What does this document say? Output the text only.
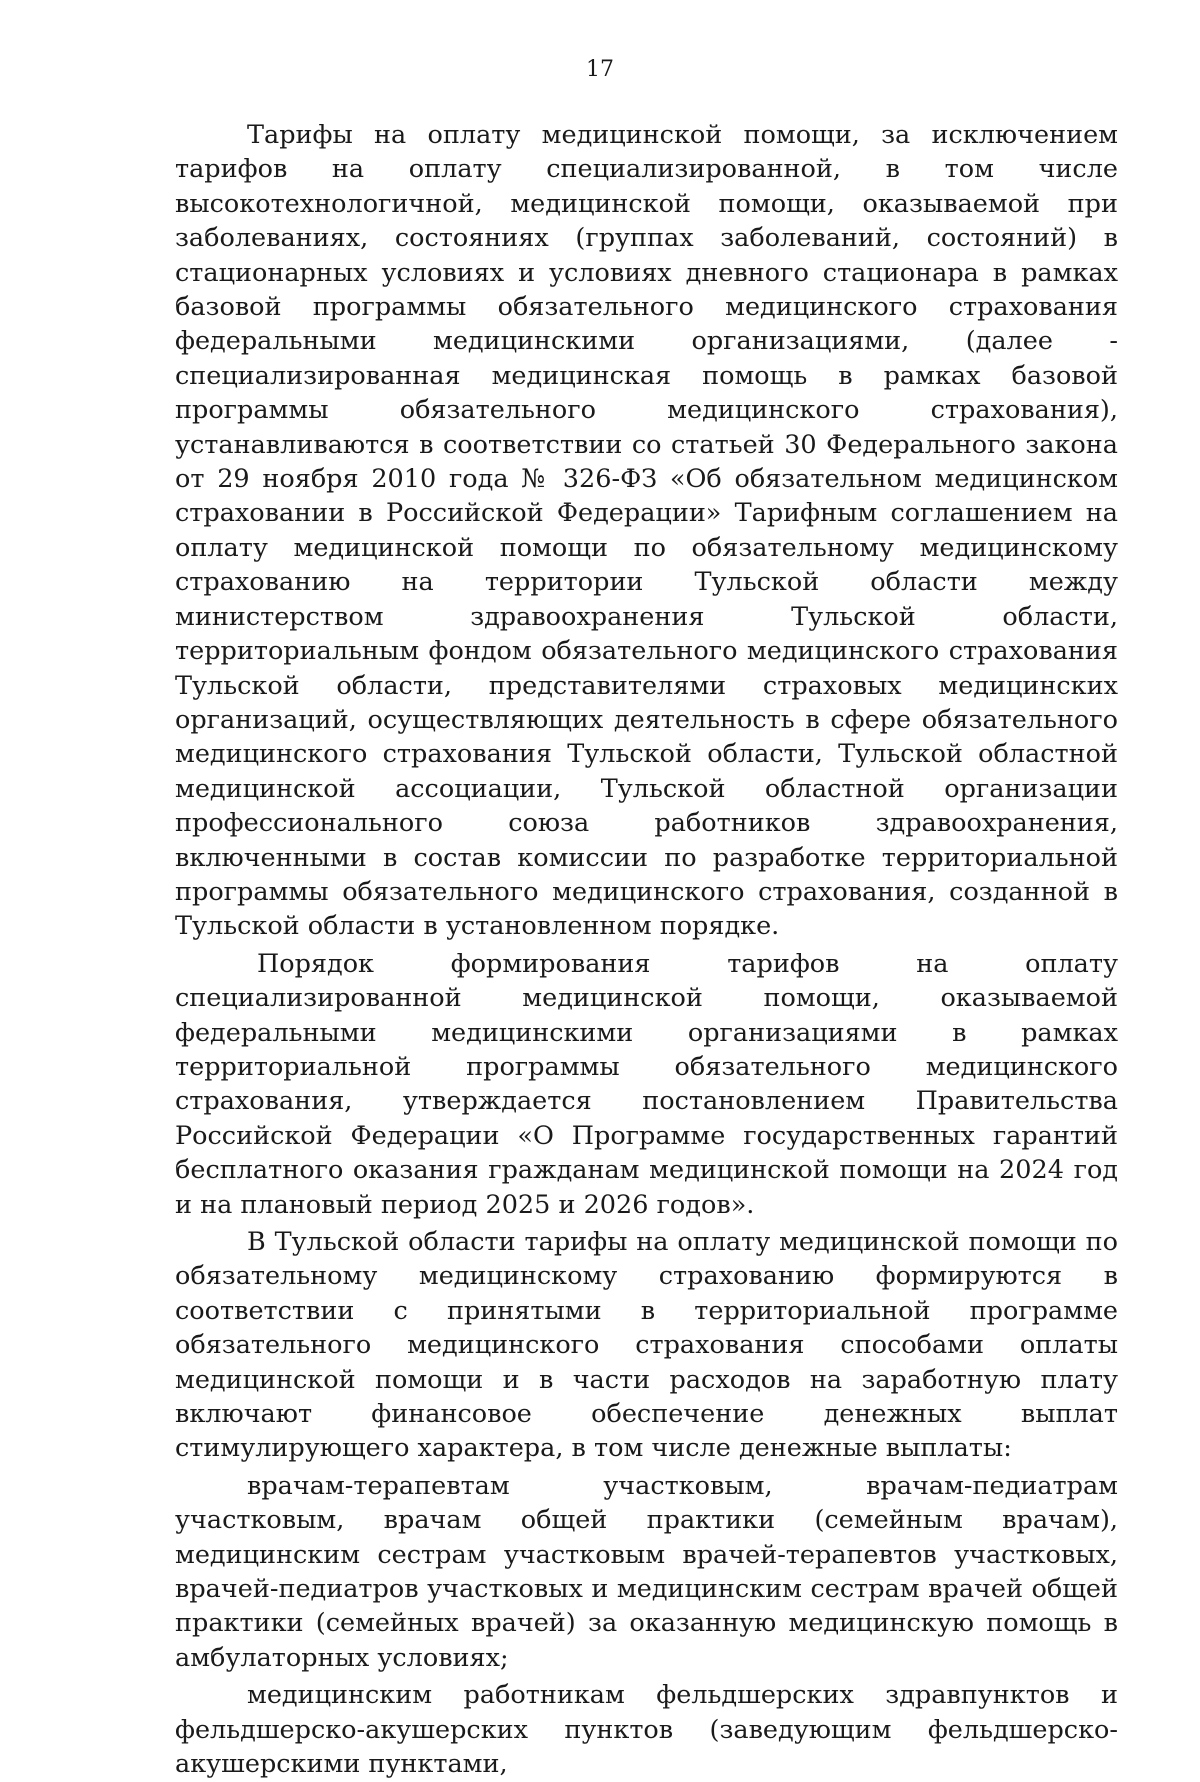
17

Тарифы на оплату медицинской помощи, за исключением тарифов на оплату специализированной, в том числе высокотехнологичной, медицинской помощи, оказываемой при заболеваниях, состояниях (группах заболеваний, состояний) в стационарных условиях и условиях дневного стационара в рамках базовой программы обязательного медицинского страхования федеральными медицинскими организациями, (далее - специализированная медицинская помощь в рамках базовой программы обязательного медицинского страхования), устанавливаются в соответствии со статьей 30 Федерального закона от 29 ноября 2010 года № 326-ФЗ «Об обязательном медицинском страховании в Российской Федерации» Тарифным соглашением на оплату медицинской помощи по обязательному медицинскому страхованию на территории Тульской области между министерством здравоохранения Тульской области, территориальным фондом обязательного медицинского страхования Тульской области, представителями страховых медицинских организаций, осуществляющих деятельность в сфере обязательного медицинского страхования Тульской области, Тульской областной медицинской ассоциации, Тульской областной организации профессионального союза работников здравоохранения, включенными в состав комиссии по разработке территориальной программы обязательного медицинского страхования, созданной в Тульской области в установленном порядке.

Порядок формирования тарифов на оплату специализированной медицинской помощи, оказываемой федеральными медицинскими организациями в рамках территориальной программы обязательного медицинского страхования, утверждается постановлением Правительства Российской Федерации «О Программе государственных гарантий бесплатного оказания гражданам медицинской помощи на 2024 год и на плановый период 2025 и 2026 годов».

В Тульской области тарифы на оплату медицинской помощи по обязательному медицинскому страхованию формируются в соответствии с принятыми в территориальной программе обязательного медицинского страхования способами оплаты медицинской помощи и в части расходов на заработную плату включают финансовое обеспечение денежных выплат стимулирующего характера, в том числе денежные выплаты:

врачам-терапевтам участковым, врачам-педиатрам участковым, врачам общей практики (семейным врачам), медицинским сестрам участковым врачей-терапевтов участковых, врачей-педиатров участковых и медицинским сестрам врачей общей практики (семейных врачей) за оказанную медицинскую помощь в амбулаторных условиях;

медицинским работникам фельдшерских здравпунктов и фельдшерско-акушерских пунктов (заведующим фельдшерско-акушерскими пунктами,
